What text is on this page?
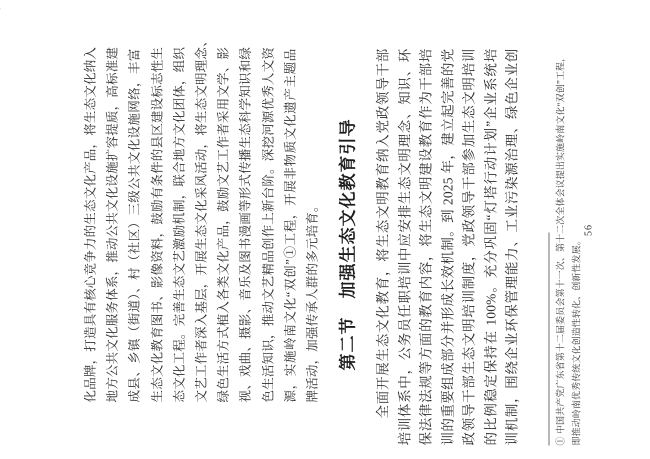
化品牌，打造具有核心竞争力的生态文化产品，将生态文化纳入 地方公共文化服务体系，推动公共文化设施扩容提质，高标准建 成县、乡镇（街道）、村（社区）三级公共文化设施网络，丰富 生态文化教育图书、影像资料，鼓励有条件的县区建设标志性生 态文化工程。完善生态文艺激励机制，联合地方文化团体，组织 文艺工作者深入基层，开展生态文化采风活动，将生态文明理念、 绿色生活方式植入各类文化产品，鼓励文艺工作者采用文学、影 视、戏曲、摄影、音乐及图书漫画等形式传播生态科学知识和绿 色生活知识，推动文艺精品创作上新台阶。深挖河源优秀人文资 源，实施岭南文化“双创”①工程，开展非物质文化遗产主题品 牌活动，加强传承人群的多元培育。 第二节　加强生态文化教育引导 全面开展生态文化教育，将生态文明教育纳入党政领导干部 培训体系中，公务员任职培训中应安排生态文明理念、知识、环 保法律法规等方面的教育内容，将生态文明建设教育作为干部培 训的重要组成部分并形成长效机制。到 2025 年，建立起完善的党 政领导干部生态文明培训制度，党政领导干部参加生态文明培训 的比例稳定保持在 100%。充分巩固“灯塔行动计划”企业系统培 训机制，围绕企业环保管理能力、工业污染源治理、绿色企业创	① 中国共产党广东省第十二届委员会第十一次、第十二次全体会议提出实施岭南文化“双创”工程， 即推动岭南优秀传统文化创造性转化、创新性发展。
56
